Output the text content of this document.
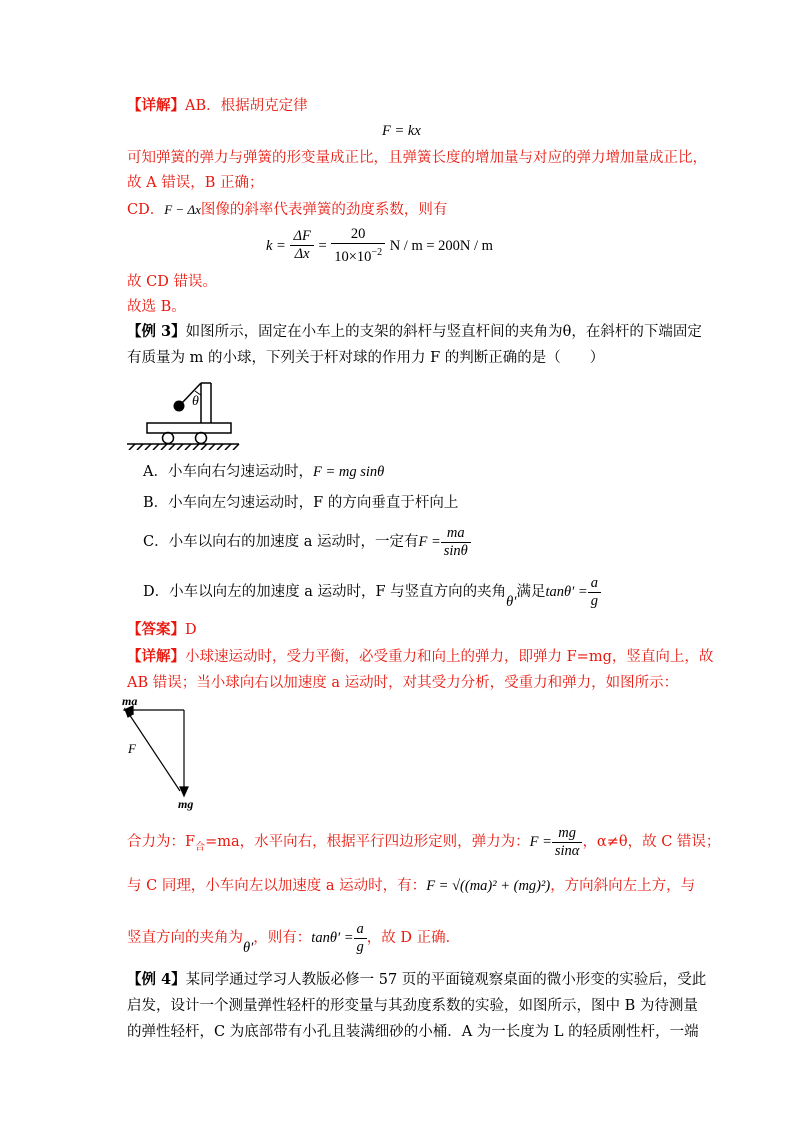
【详解】AB．根据胡克定律
F = kx
可知弹簧的弹力与弹簧的形变量成正比，且弹簧长度的增加量与对应的弹力增加量成正比，
故 A 错误，B 正确；
CD．F − Δx图像的斜率代表弹簧的劲度系数，则有
$k = \frac{\Delta F}{\Delta x} = \frac{20}{10\times 10^{-2}}$ N / m = 200N / m
故 CD 错误。
故选 B。
【例 3】如图所示，固定在小车上的支架的斜杆与竖直杆间的夹角为θ，在斜杆的下端固定
有质量为 m 的小球，下列关于杆对球的作用力 F 的判断正确的是（　　）
θ
A．小车向右匀速运动时，F = mg sinθ
B．小车向左匀速运动时，F 的方向垂直于杆向上
C．小车以向右的加速度 a 运动时，一定有$F = \frac{ma}{\sin\theta}$
D．小车以向左的加速度 a 运动时，F 与竖直方向的夹角θ′满足$\tan\theta' = \frac{a}{g}$
【答案】D
【详解】小球速运动时，受力平衡，必受重力和向上的弹力，即弹力 F=mg，竖直向上，故
AB 错误；当小球向右以加速度 a 运动时，对其受力分析，受重力和弹力，如图所示：
ma
F
mg
合力为：$F_合=ma$，水平向右，根据平行四边形定则，弹力为：$F = \frac{mg}{\sin\alpha}$ ，α≠θ，故 C 错误；
与 C 同理，小车向左以加速度 a 运动时，有：F = √((ma)² + (mg)²)，方向斜向左上方，与
竖直方向的夹角为θ′，则有：$\tan\theta' = \frac{a}{g}$ ，故 D 正确．
【例 4】某同学通过学习人教版必修一 57 页的平面镜观察桌面的微小形变的实验后，受此
启发，设计一个测量弹性轻杆的形变量与其劲度系数的实验，如图所示，图中 B 为待测量
的弹性轻杆，C 为底部带有小孔且装满细砂的小桶．A 为一长度为 L 的轻质刚性杆，一端
